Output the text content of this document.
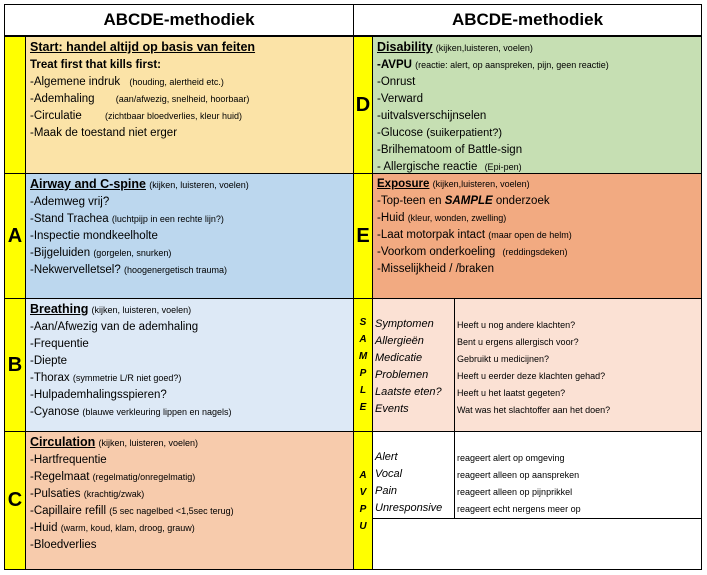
ABCDE-methodiek	ABCDE-methodiek
A
B
C
Start: handel altijd op basis van feiten
Treat first that kills first:
-Algemene indruk (houding, alertheid etc.)
-Ademhaling (aan/afwezig, snelheid, hoorbaar)
-Circulatie	(zichtbaar bloedverlies, kleur huid)
-Maak de toestand niet erger
Airway and C-spine (kijken, luisteren, voelen)
-Ademweg vrij?
-Stand Trachea (luchtpijp in een rechte lijn?)
-Inspectie mondkeelholte
-Bijgeluiden (gorgelen, snurken)
-Nekwervelletsel? (hoogenergetisch trauma)
Breathing (kijken, luisteren, voelen)
-Aan/Afwezig van de ademhaling
-Frequentie
-Diepte
-Thorax (symmetrie L/R niet goed?)
-Hulpademhalingsspieren?
-Cyanose (blauwe verkleuring lippen en nagels)
Circulation (kijken, luisteren, voelen)
-Hartfrequentie
-Regelmaat (regelmatig/onregelmatig)
-Pulsaties (krachtig/zwak)
-Capillaire refill (5 sec nagelbed <1,5sec terug)
-Huid (warm, koud, klam, droog, grauw)
-Bloedverlies
D
E
S
A
M
P
L
E
A
V
P
U
Disability (kijken,luisteren, voelen)
-AVPU (reactie: alert, op aanspreken, pijn, geen reactie)
-Onrust
-Verward
-uitvalsverschijnselen
-Glucose (suikerpatient?)
-Brilhematoom of Battle-sign
- Allergische reactie (Epi-pen)
Exposure (kijken,luisteren, voelen)
-Top-teen en SAMPLE onderzoek
-Huid (kleur, wonden, zwelling)
-Laat motorpak intact (maar open de helm)
-Voorkom onderkoeling (reddingsdeken)
-Misselijkheid / /braken
Symptomen
Allergieën
Medicatie
Problemen
Laatste eten?
Events
Heeft u nog andere klachten?
Bent u ergens allergisch voor?
Gebruikt u medicijnen?
Heeft u eerder deze klachten gehad?
Heeft u het laatst gegeten?
Wat was het slachtoffer aan het doen?
Alert
Vocal
Pain
Unresponsive
reageert alert op omgeving
reageert alleen op aanspreken
reageert alleen op pijnprikkel
reageert echt nergens meer op
